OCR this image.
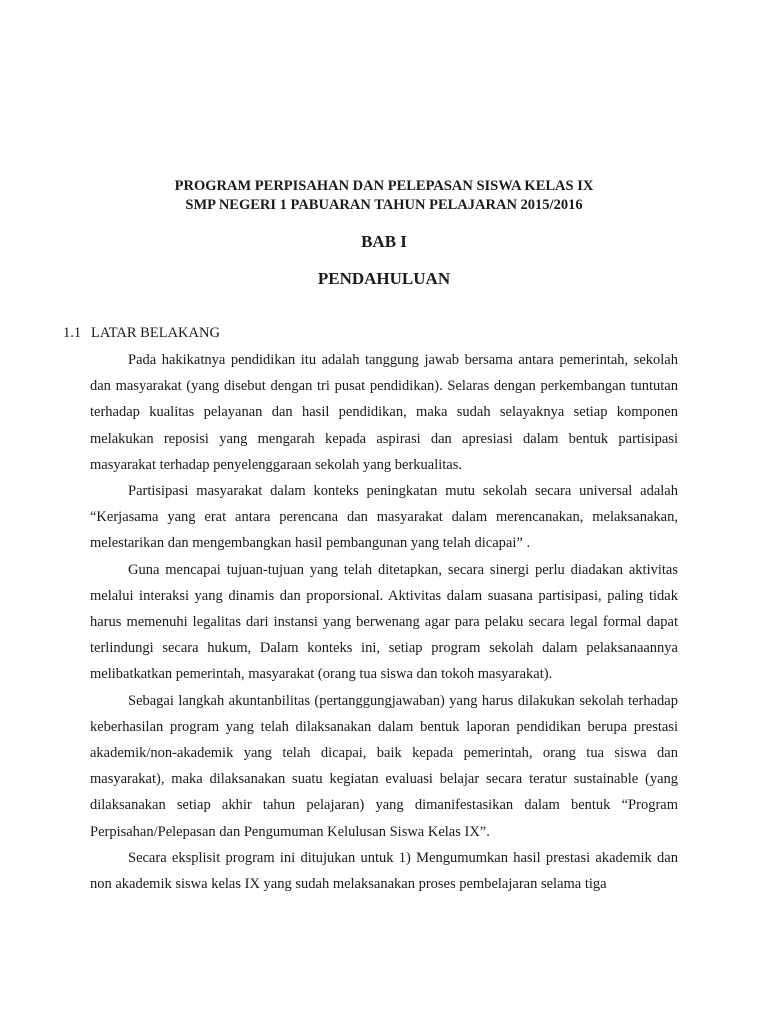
PROGRAM PERPISAHAN DAN PELEPASAN SISWA KELAS IX
SMP NEGERI 1 PABUARAN TAHUN PELAJARAN 2015/2016
BAB I
PENDAHULUAN
1.1 LATAR BELAKANG

Pada hakikatnya pendidikan itu adalah tanggung jawab bersama antara pemerintah, sekolah dan masyarakat (yang disebut dengan tri pusat pendidikan). Selaras dengan perkembangan tuntutan terhadap kualitas pelayanan dan hasil pendidikan, maka sudah selayaknya setiap komponen melakukan reposisi yang mengarah kepada aspirasi dan apresiasi dalam bentuk partisipasi masyarakat terhadap penyelenggaraan sekolah yang berkualitas.

Partisipasi masyarakat dalam konteks peningkatan mutu sekolah secara universal adalah “Kerjasama yang erat antara perencana dan masyarakat dalam merencanakan, melaksanakan, melestarikan dan mengembangkan hasil pembangunan yang telah dicapai” .

Guna mencapai tujuan-tujuan yang telah ditetapkan, secara sinergi perlu diadakan aktivitas melalui interaksi yang dinamis dan proporsional. Aktivitas dalam suasana partisipasi, paling tidak harus memenuhi legalitas dari instansi yang berwenang agar para pelaku secara legal formal dapat terlindungi secara hukum, Dalam konteks ini, setiap program sekolah dalam pelaksanaannya melibatkatkan pemerintah, masyarakat (orang tua siswa dan tokoh masyarakat).

Sebagai langkah akuntanbilitas (pertanggungjawaban) yang harus dilakukan sekolah terhadap keberhasilan program yang telah dilaksanakan dalam bentuk laporan pendidikan berupa prestasi akademik/non-akademik yang telah dicapai, baik kepada pemerintah, orang tua siswa dan masyarakat), maka dilaksanakan suatu kegiatan evaluasi belajar secara teratur sustainable (yang dilaksanakan setiap akhir tahun pelajaran) yang dimanifestasikan dalam bentuk “Program Perpisahan/Pelepasan dan Pengumuman Kelulusan Siswa Kelas IX”.

Secara eksplisit program ini ditujukan untuk 1) Mengumumkan hasil prestasi akademik dan non akademik siswa kelas IX yang sudah melaksanakan proses pembelajaran selama tiga
